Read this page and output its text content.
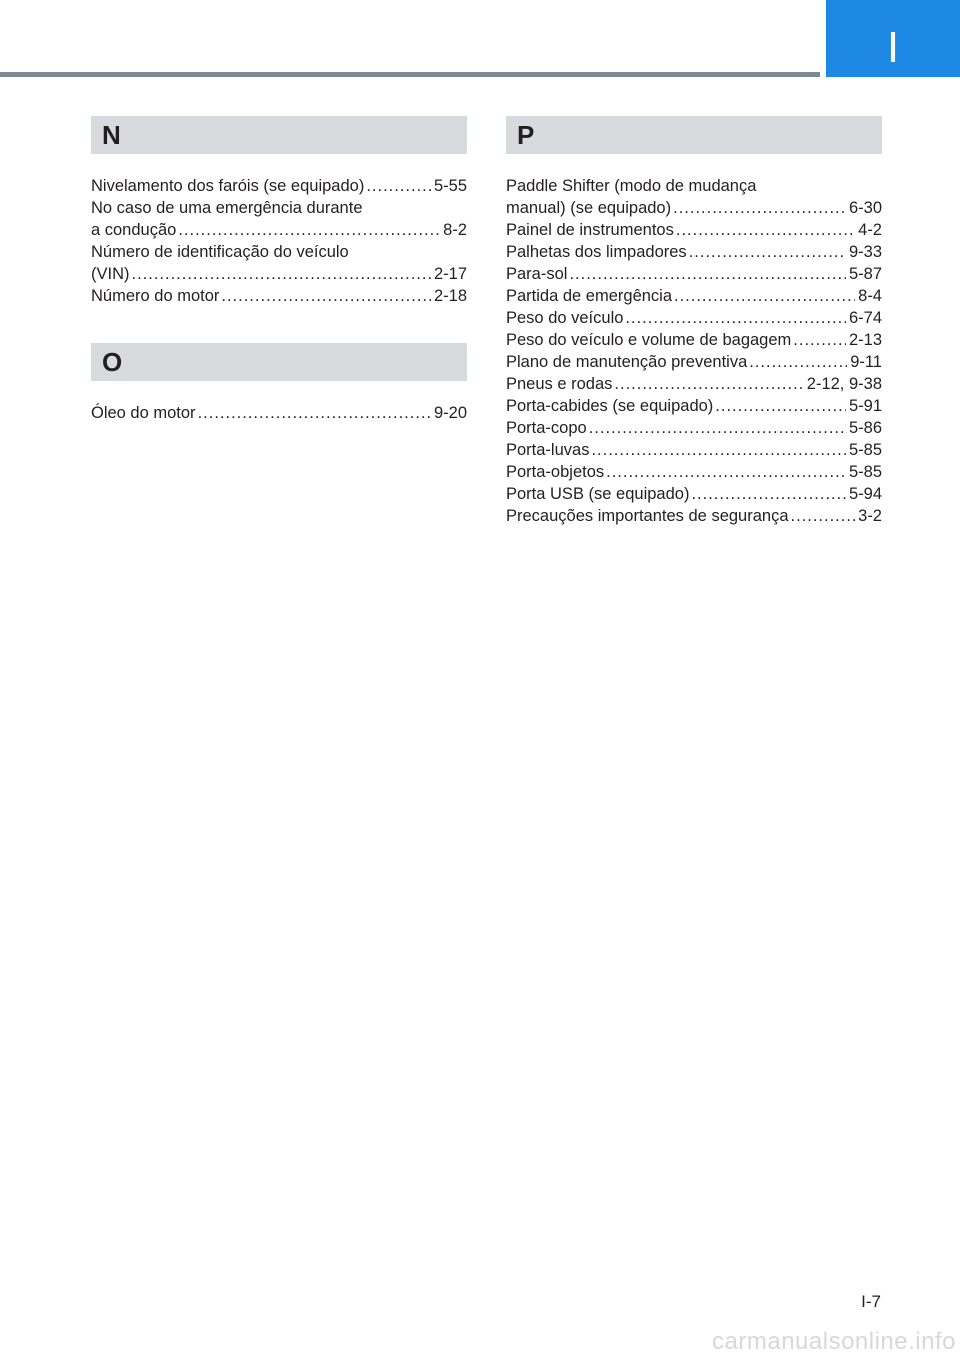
I
N
Nivelamento dos faróis (se equipado) .....	5-55
No caso de uma emergência durante
a condução .....	8-2
Número de identificação do veículo
(VIN) .....	2-17
Número do motor .....	2-18
O
Óleo do motor .....	9-20
P
Paddle Shifter (modo de mudança
manual) (se equipado) .....	6-30
Painel de instrumentos .....	4-2
Palhetas dos limpadores .....	9-33
Para-sol .....	5-87
Partida de emergência .....	8-4
Peso do veículo .....	6-74
Peso do veículo e volume de bagagem .....	2-13
Plano de manutenção preventiva .....	9-11
Pneus e rodas .....	2-12, 9-38
Porta-cabides (se equipado) .....	5-91
Porta-copo .....	5-86
Porta-luvas .....	5-85
Porta-objetos .....	5-85
Porta USB (se equipado) .....	5-94
Precauções importantes de segurança .....	3-2
I-7
carmanualsonline.info
